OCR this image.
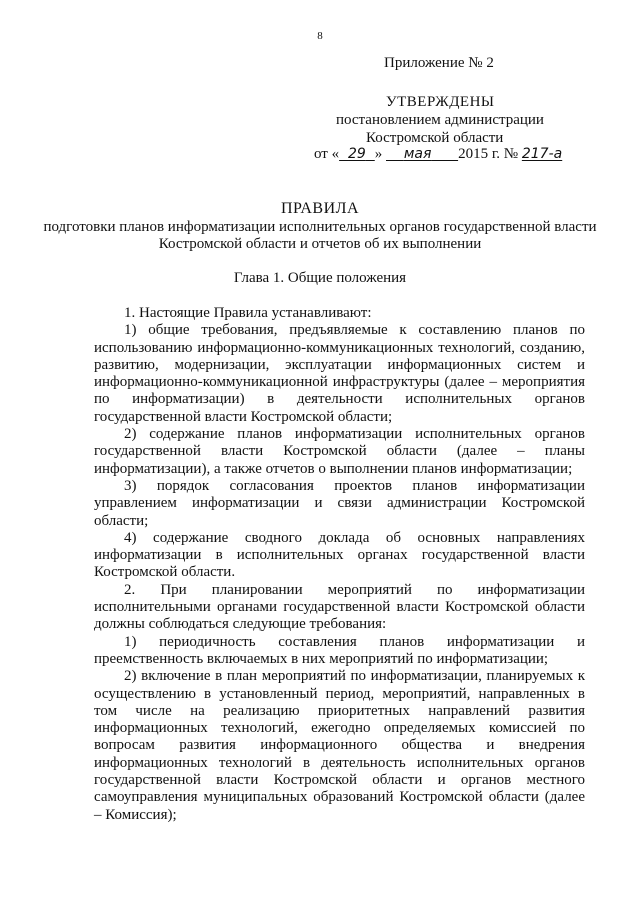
8
Приложение № 2
УТВЕРЖДЕНЫ
постановлением администрации
Костромской области
от « 29 » мая 2015 г. № 217-а
ПРАВИЛА
подготовки планов информатизации исполнительных органов государственной власти Костромской области и отчетов об их выполнении
Глава 1. Общие положения

1. Настоящие Правила устанавливают:

1) общие требования, предъявляемые к составлению планов по использованию информационно-коммуникационных технологий, созданию, развитию, модернизации, эксплуатации информационных систем и информационно-коммуникационной инфраструктуры (далее – мероприятия по информатизации) в деятельности исполнительных органов государственной власти Костромской области;

2) содержание планов информатизации исполнительных органов государственной власти Костромской области (далее – планы информатизации), а также отчетов о выполнении планов информатизации;

3) порядок согласования проектов планов информатизации управлением информатизации и связи администрации Костромской области;

4) содержание сводного доклада об основных направлениях информатизации в исполнительных органах государственной власти Костромской области.

2. При планировании мероприятий по информатизации исполнительными органами государственной власти Костромской области должны соблюдаться следующие требования:

1) периодичность составления планов информатизации и преемственность включаемых в них мероприятий по информатизации;

2) включение в план мероприятий по информатизации, планируемых к осуществлению в установленный период, мероприятий, направленных в том числе на реализацию приоритетных направлений развития информационных технологий, ежегодно определяемых комиссией по вопросам развития информационного общества и внедрения информационных технологий в деятельность исполнительных органов государственной власти Костромской области и органов местного самоуправления муниципальных образований Костромской области (далее – Комиссия);
